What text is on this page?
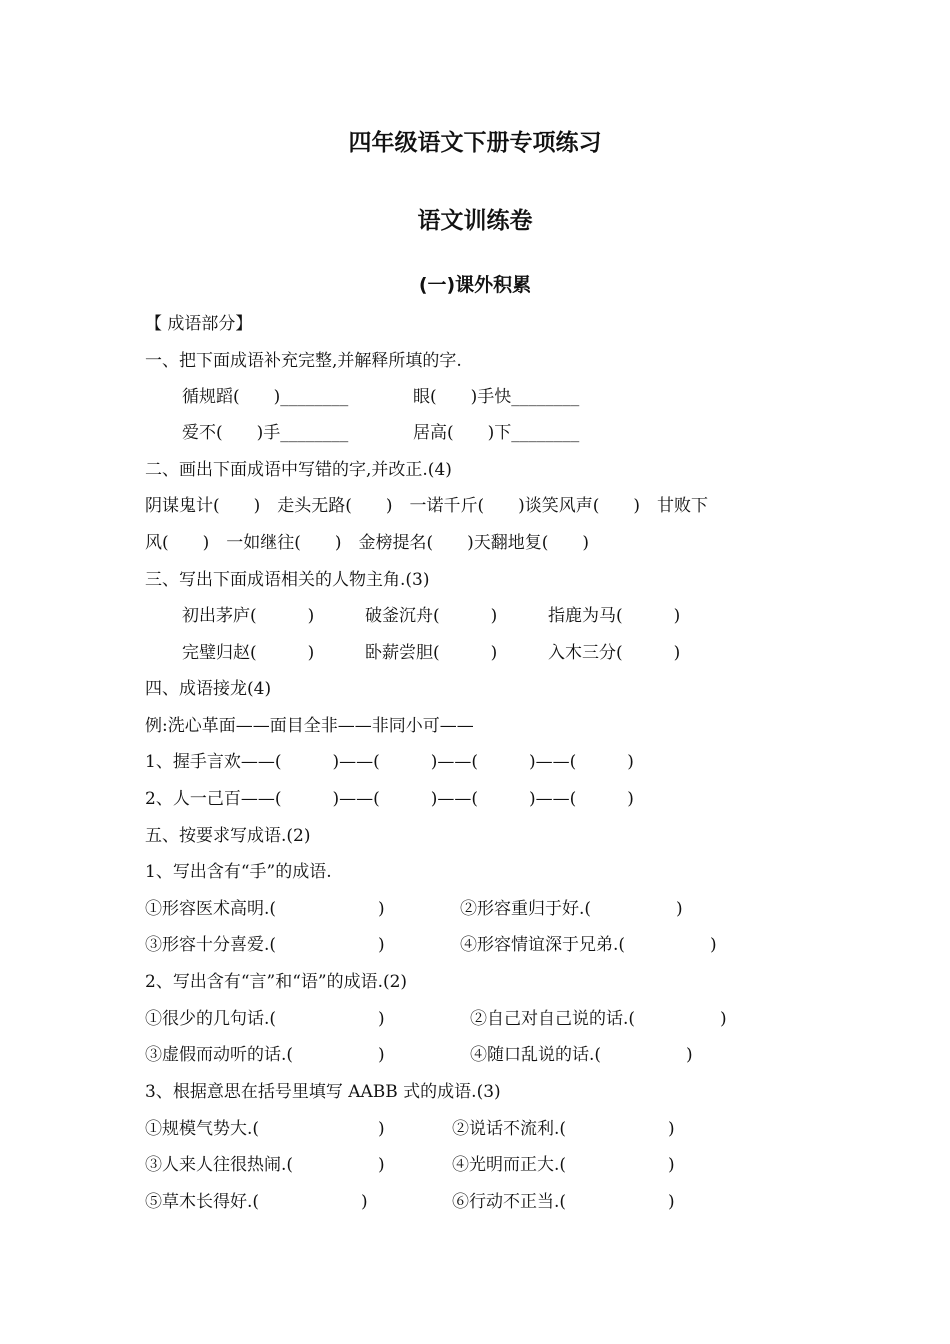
四年级语文下册专项练习
语文训练卷
(一)课外积累
【 成语部分】
一、把下面成语补充完整,并解释所填的字.
循规蹈(　　)________	眼(　　)手快________
爱不(　　)手________	居高(　　)下________
二、画出下面成语中写错的字,并改正.(4)
阴谋鬼计(　　)　走头无路(　　)　一诺千斤(　　)谈笑风声(　　)　甘败下
风(　　)　一如继往(　　)　金榜提名(　　)天翻地复(　　)
三、写出下面成语相关的人物主角.(3)
初出茅庐(　　　)	破釜沉舟(　　　)	指鹿为马(　　　)
完璧归赵(　　　)	卧薪尝胆(　　　)	入木三分(　　　)
四、成语接龙(4)
例:洗心革面——面目全非——非同小可——
1、握手言欢——(　　　)——(　　　)——(　　　)——(　　　)
2、人一己百——(　　　)——(　　　)——(　　　)——(　　　)
五、按要求写成语.(2)
1、写出含有“手”的成语.
①形容医术高明.(　　　　　　)	②形容重归于好.(　　　　　)
③形容十分喜爱.(　　　　　　)	④形容情谊深于兄弟.(　　　　　)
2、写出含有“言”和“语”的成语.(2)
①很少的几句话.(　　　　　　)	②自己对自己说的话.(　　　　　)
③虚假而动听的话.(　　　　　)	④随口乱说的话.(　　　　　)
3、根据意思在括号里填写 AABB 式的成语.(3)
①规模气势大.(　　　　　　　)	②说话不流利.(　　　　　　)
③人来人往很热闹.(　　　　　)	④光明而正大.(　　　　　　)
⑤草木长得好.(　　　　　　)	⑥行动不正当.(　　　　　　)
